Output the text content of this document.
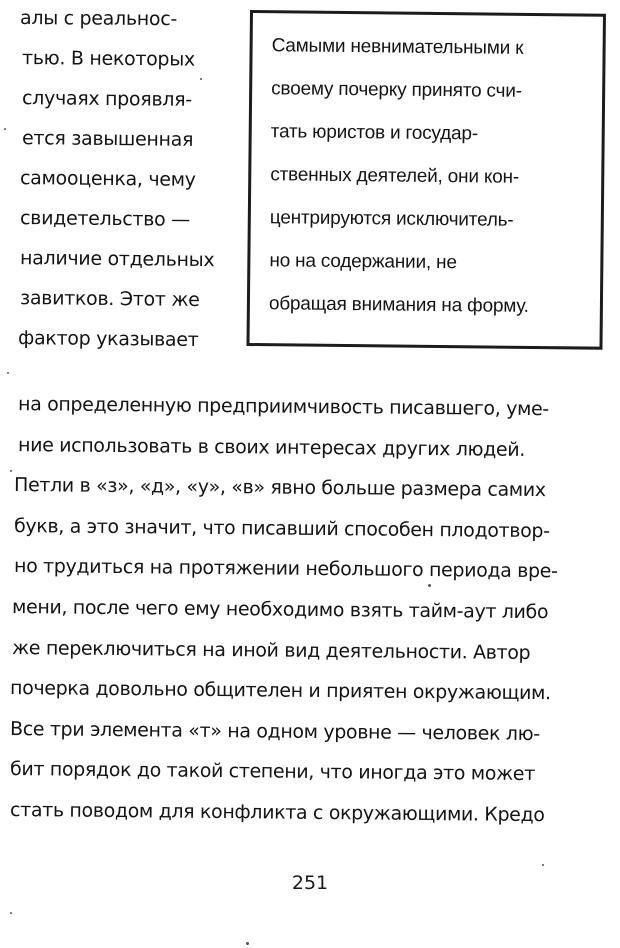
алы с реальнос-
тью. В некоторых
случаях проявля-
ется завышенная
самооценка, чему
свидетельство —
наличие отдельных
завитков. Этот же
фактор указывает
Самыми невнимательными к
своему почерку принято счи-
тать юристов и государ-
ственных деятелей, они кон-
центрируются исключитель-
но на содержании, не
обращая внимания на форму.
на определенную предприимчивость писавшего, уме-
ние использовать в своих интересах других людей.
Петли в «з», «д», «у», «в» явно больше размера самих
букв, а это значит, что писавший способен плодотвор-
но трудиться на протяжении небольшого периода вре-
мени, после чего ему необходимо взять тайм-аут либо
же переключиться на иной вид деятельности. Автор
почерка довольно общителен и приятен окружающим.
Все три элемента «т» на одном уровне — человек лю-
бит порядок до такой степени, что иногда это может
стать поводом для конфликта с окружающими. Кредо
251
